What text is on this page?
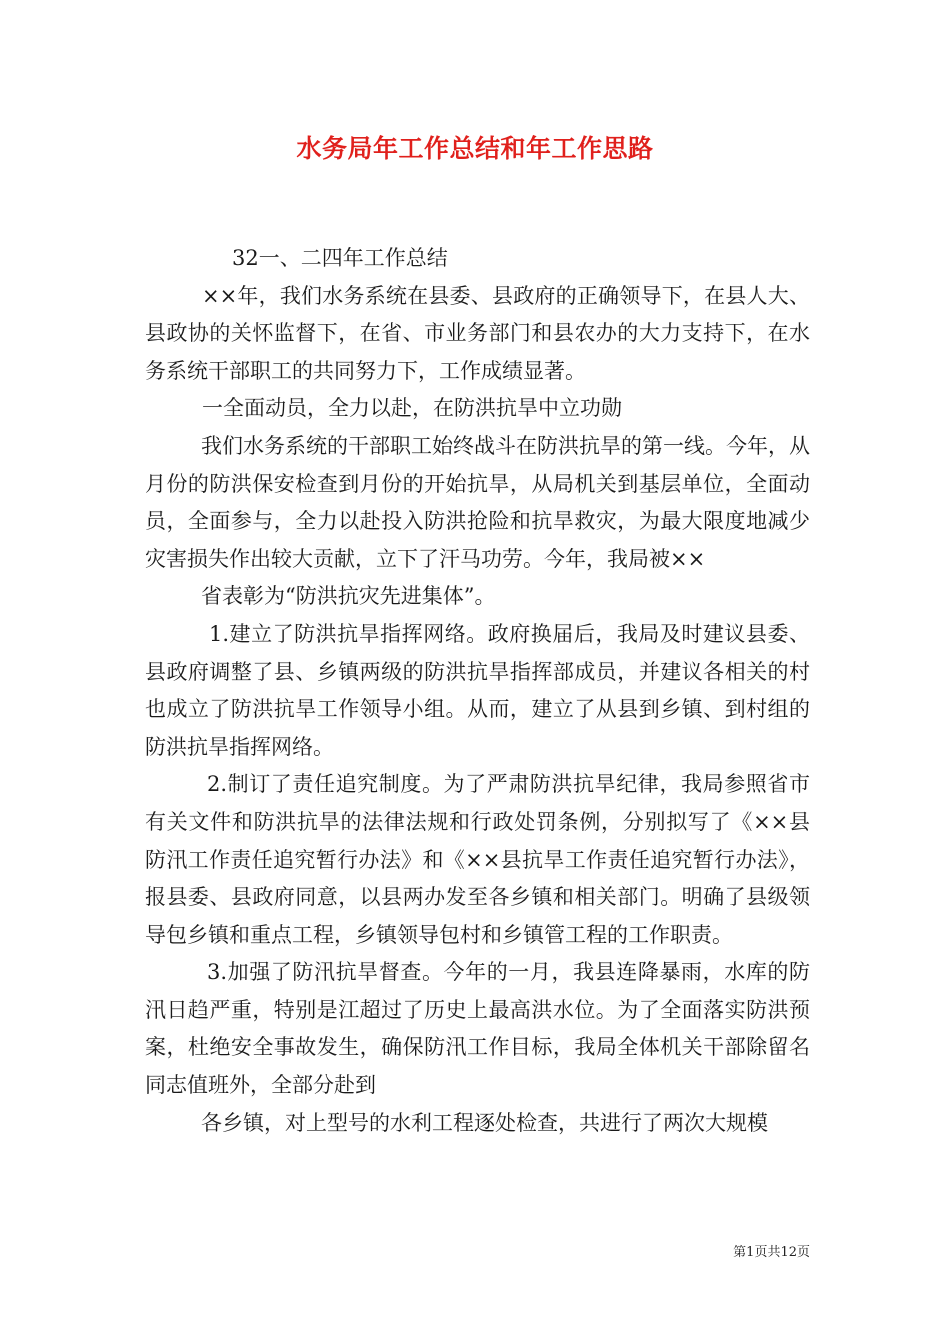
水务局年工作总结和年工作思路

32一、二四年工作总结

××年，我们水务系统在县委、县政府的正确领导下，在县人大、县政协的关怀监督下，在省、市业务部门和县农办的大力支持下，在水务系统干部职工的共同努力下，工作成绩显著。

一全面动员，全力以赴，在防洪抗旱中立功勋

我们水务系统的干部职工始终战斗在防洪抗旱的第一线。今年，从月份的防洪保安检查到月份的开始抗旱，从局机关到基层单位，全面动员，全面参与，全力以赴投入防洪抢险和抗旱救灾，为最大限度地减少灾害损失作出较大贡献，立下了汗马功劳。今年，我局被××

省表彰为“防洪抗灾先进集体”。

1.建立了防洪抗旱指挥网络。政府换届后，我局及时建议县委、县政府调整了县、乡镇两级的防洪抗旱指挥部成员，并建议各相关的村也成立了防洪抗旱工作领导小组。从而，建立了从县到乡镇、到村组的防洪抗旱指挥网络。

2.制订了责任追究制度。为了严肃防洪抗旱纪律，我局参照省市有关文件和防洪抗旱的法律法规和行政处罚条例，分别拟写了《××县防汛工作责任追究暂行办法》和《××县抗旱工作责任追究暂行办法》，报县委、县政府同意，以县两办发至各乡镇和相关部门。明确了县级领导包乡镇和重点工程，乡镇领导包村和乡镇管工程的工作职责。

3.加强了防汛抗旱督查。今年的一月，我县连降暴雨，水库的防汛日趋严重，特别是江超过了历史上最高洪水位。为了全面落实防洪预案，杜绝安全事故发生，确保防汛工作目标，我局全体机关干部除留名同志值班外，全部分赴到

各乡镇，对上型号的水利工程逐处检查，共进行了两次大规模

第1页共12页
